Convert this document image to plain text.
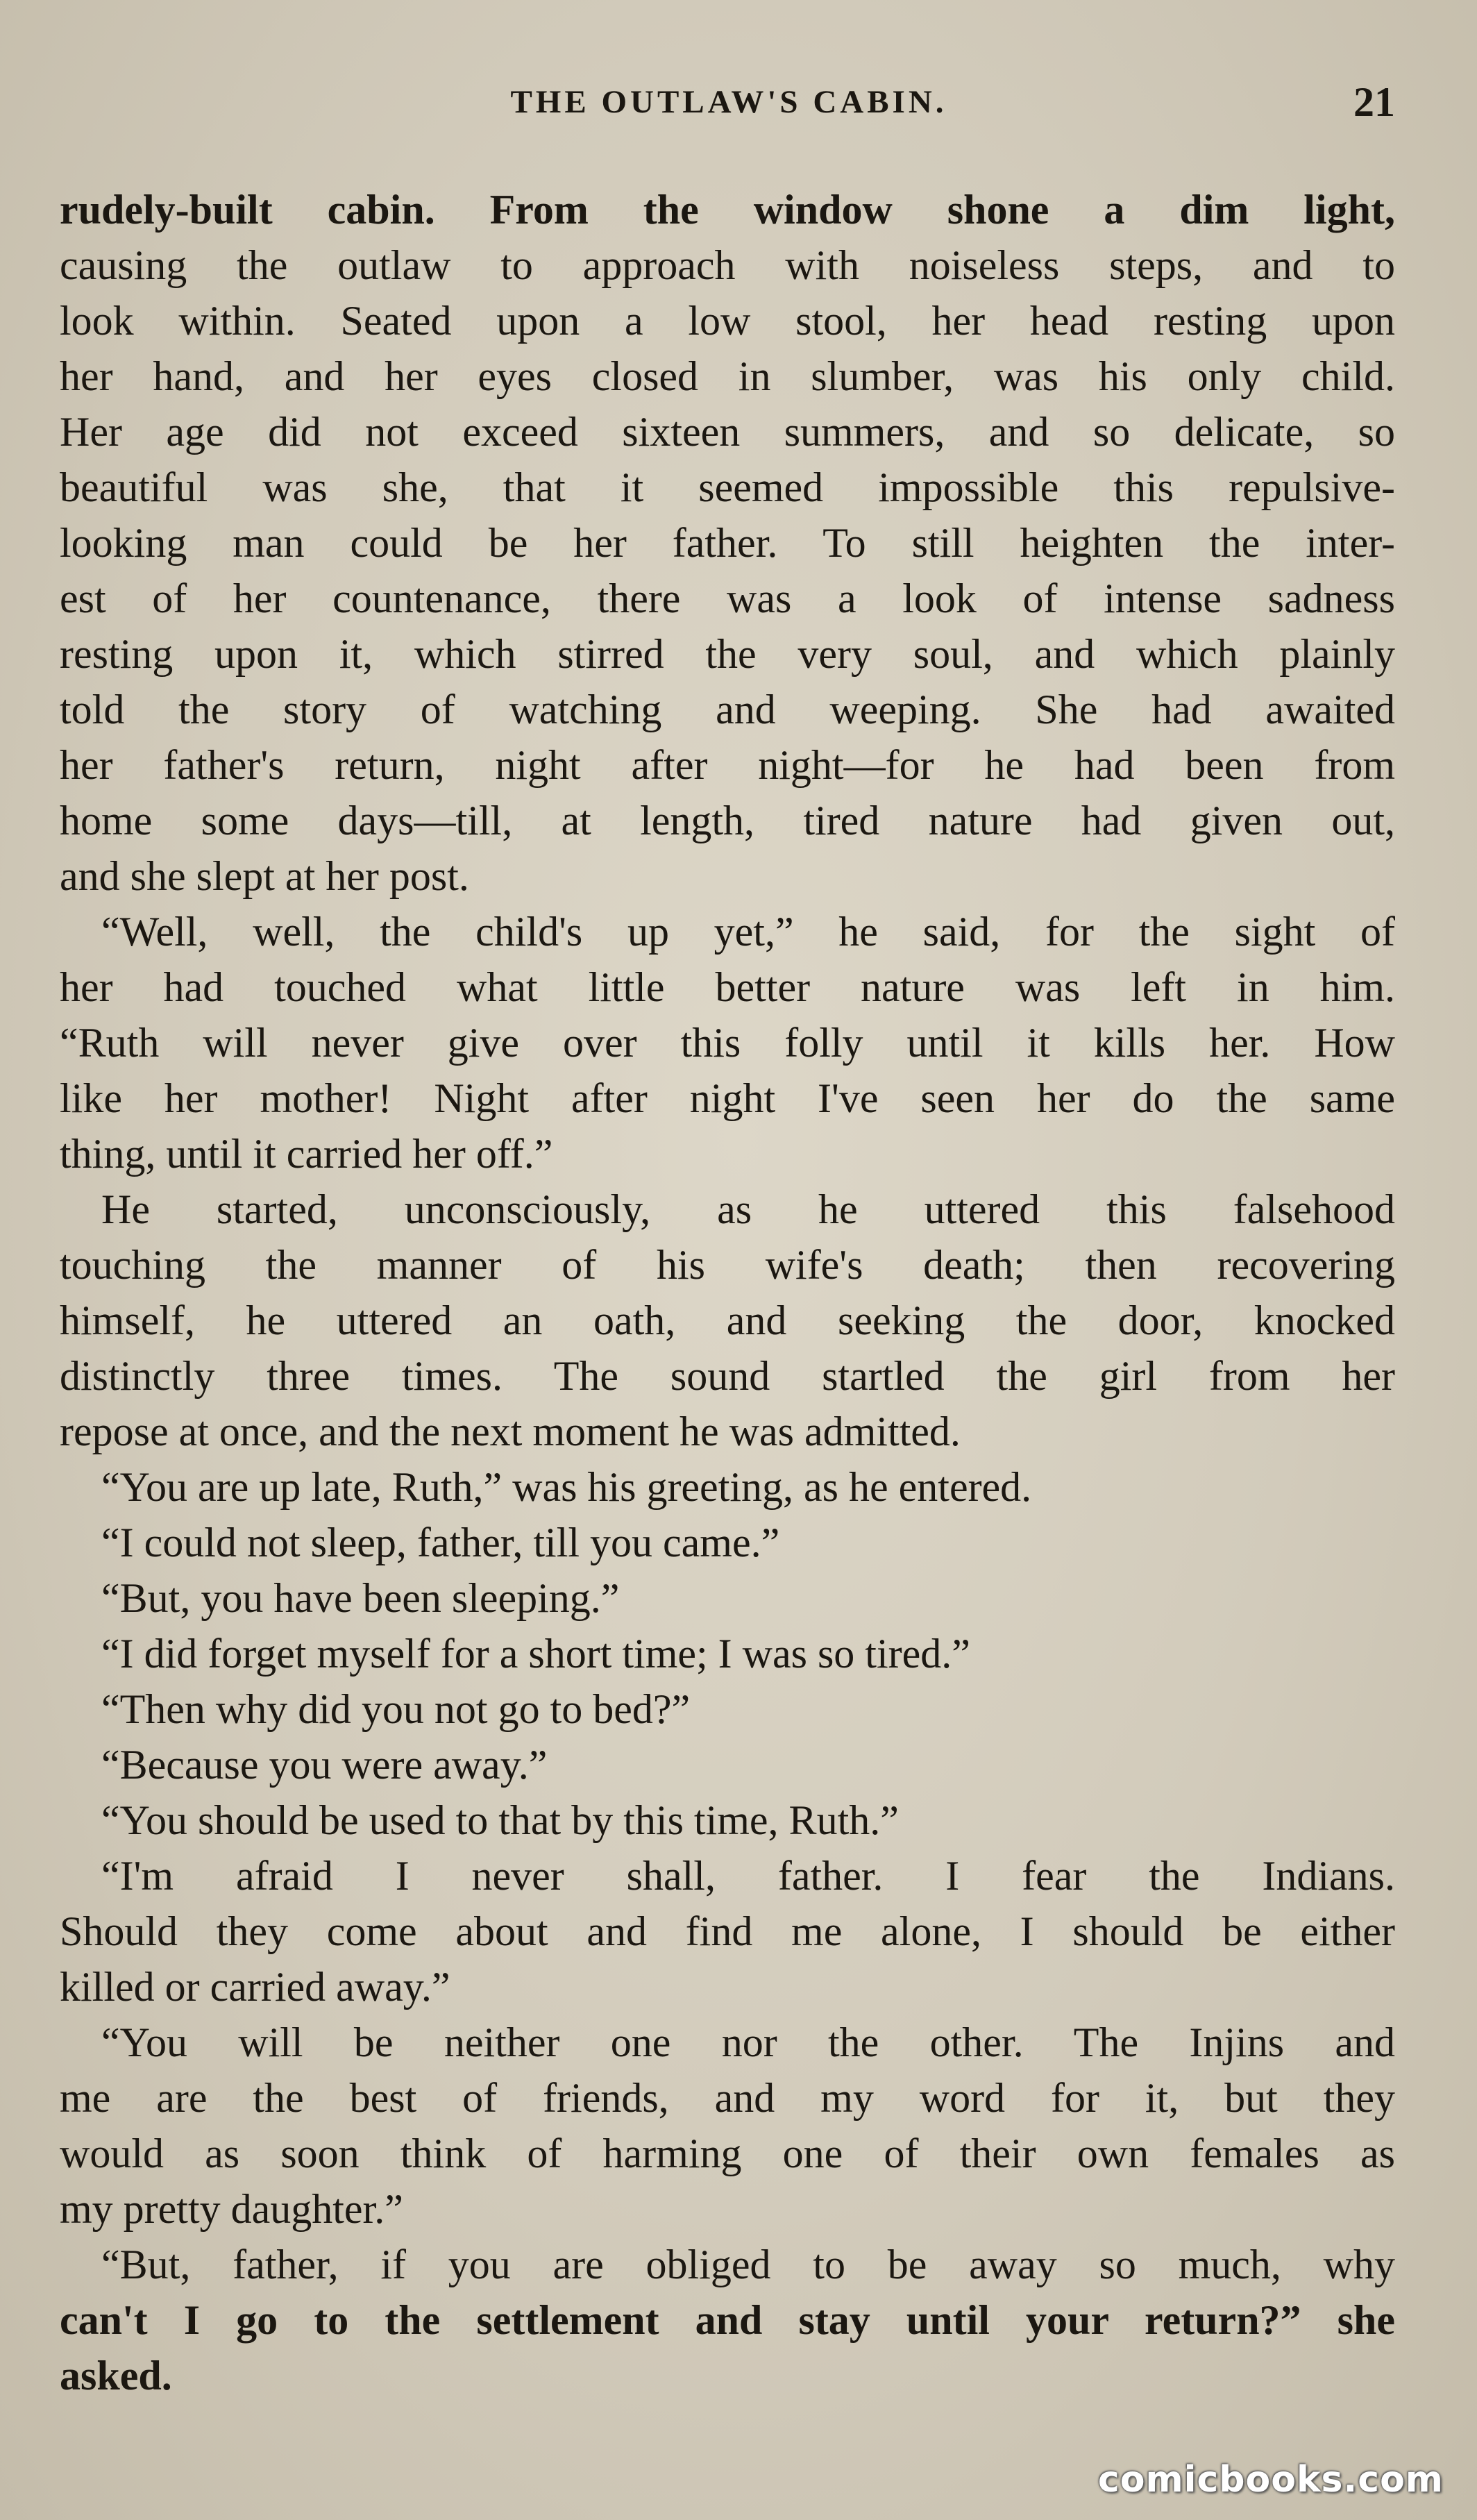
THE OUTLAW'S CABIN.	21
rudely-built cabin. From the window shone a dim light,
causing the outlaw to approach with noiseless steps, and to
look within. Seated upon a low stool, her head resting upon
her hand, and her eyes closed in slumber, was his only child.
Her age did not exceed sixteen summers, and so delicate, so
beautiful was she, that it seemed impossible this repulsive-
looking man could be her father. To still heighten the inter-
est of her countenance, there was a look of intense sadness
resting upon it, which stirred the very soul, and which plainly
told the story of watching and weeping. She had awaited
her father's return, night after night—for he had been from
home some days—till, at length, tired nature had given out,
and she slept at her post.
“Well, well, the child's up yet,” he said, for the sight of
her had touched what little better nature was left in him.
“Ruth will never give over this folly until it kills her. How
like her mother! Night after night I've seen her do the same
thing, until it carried her off.”
He started, unconsciously, as he uttered this falsehood
touching the manner of his wife's death; then recovering
himself, he uttered an oath, and seeking the door, knocked
distinctly three times. The sound startled the girl from her
repose at once, and the next moment he was admitted.
“You are up late, Ruth,” was his greeting, as he entered.
“I could not sleep, father, till you came.”
“But, you have been sleeping.”
“I did forget myself for a short time; I was so tired.”
“Then why did you not go to bed?”
“Because you were away.”
“You should be used to that by this time, Ruth.”
“I'm afraid I never shall, father. I fear the Indians.
Should they come about and find me alone, I should be either
killed or carried away.”
“You will be neither one nor the other. The Injins and
me are the best of friends, and my word for it, but they
would as soon think of harming one of their own females as
my pretty daughter.”
“But, father, if you are obliged to be away so much, why
can't I go to the settlement and stay until your return?” she
asked.
comicbooks.com
